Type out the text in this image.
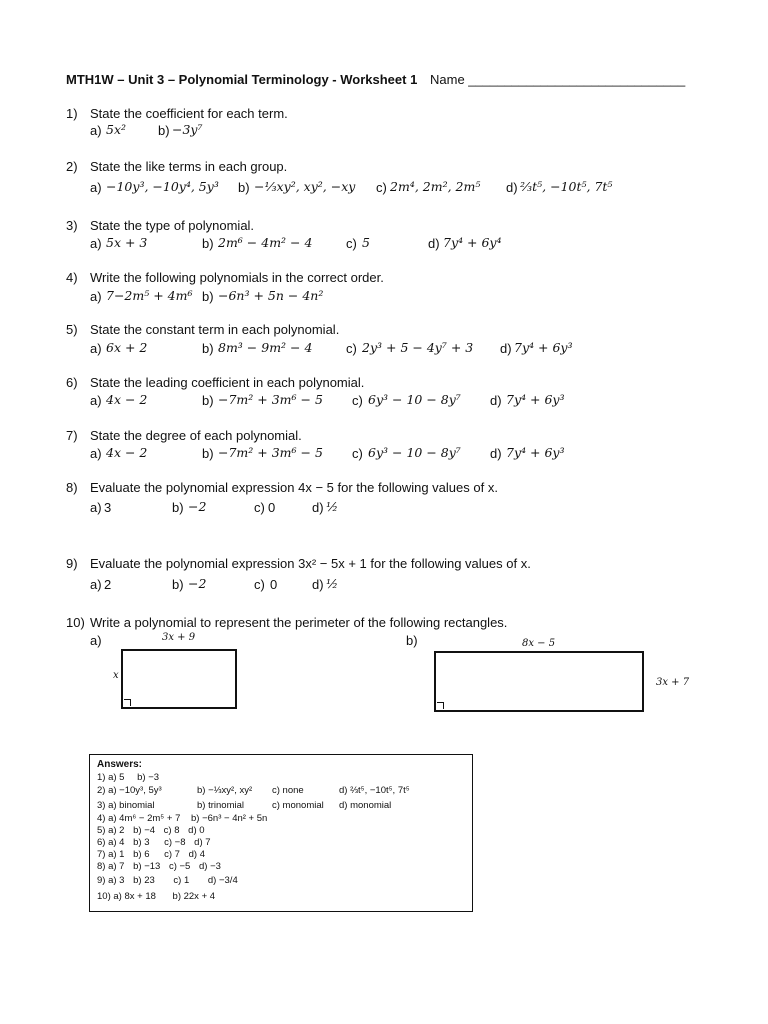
MTH1W – Unit 3 – Polynomial Terminology - Worksheet 1 Name ______________________________
1) State the coefficient for each term.
a) 5x² b) −3y⁷
2) State the like terms in each group.
a) −10y³, −10y⁴, 5y³ b) −⅓xy², xy², −xy c) 2m⁴, 2m², 2m⁵ d) ⅔t⁵, −10t⁵, 7t⁵
3) State the type of polynomial.
a) 5x + 3	b) 2m⁶ − 4m² − 4	c) 5	d) 7y⁴ + 6y⁴
4) Write the following polynomials in the correct order.
a) 7−2m⁵ + 4m⁶ b) −6n³ + 5n − 4n²
5) State the constant term in each polynomial.
a) 6x + 2	b) 8m³ − 9m² − 4	c) 2y³ + 5 − 4y⁷ + 3 d) 7y⁴ + 6y³
6) State the leading coefficient in each polynomial.
a) 4x − 2	b) −7m² + 3m⁶ − 5 c) 6y³ − 10 − 8y⁷ d) 7y⁴ + 6y³
7) State the degree of each polynomial.
a) 4x − 2	b) −7m² + 3m⁶ − 5 c) 6y³ − 10 − 8y⁷ d) 7y⁴ + 6y³
8) Evaluate the polynomial expression 4x − 5 for the following values of x.
a) 3	b) −2	c) 0	d) ½
9) Evaluate the polynomial expression 3x² − 5x + 1 for the following values of x.
a) 2	b) −2	c) 0	d) ½
10) Write a polynomial to represent the perimeter of the following rectangles.
a)	b)
3x + 9
x
8x − 5
3x + 7
Answers:
1) a) 5 b) −3
2) a) −10y³, 5y³	b) −⅓xy², xy² c) none	d) ⅔t⁵, −10t⁵, 7t⁵
3) a) binomial	b) trinomial	c) monomial d) monomial
4) a) 4m⁶ − 2m⁵ + 7 b) −6n³ − 4n² + 5n
5) a) 2 b) −4 c) 8 d) 0
6) a) 4 b) 3 c) −8 d) 7
7) a) 1 b) 6 c) 7 d) 4
8) a) 7 b) −13 c) −5 d) −3
9) a) 3 b) 23 c) 1 d) −3/4
10) a) 8x + 18 b) 22x + 4
